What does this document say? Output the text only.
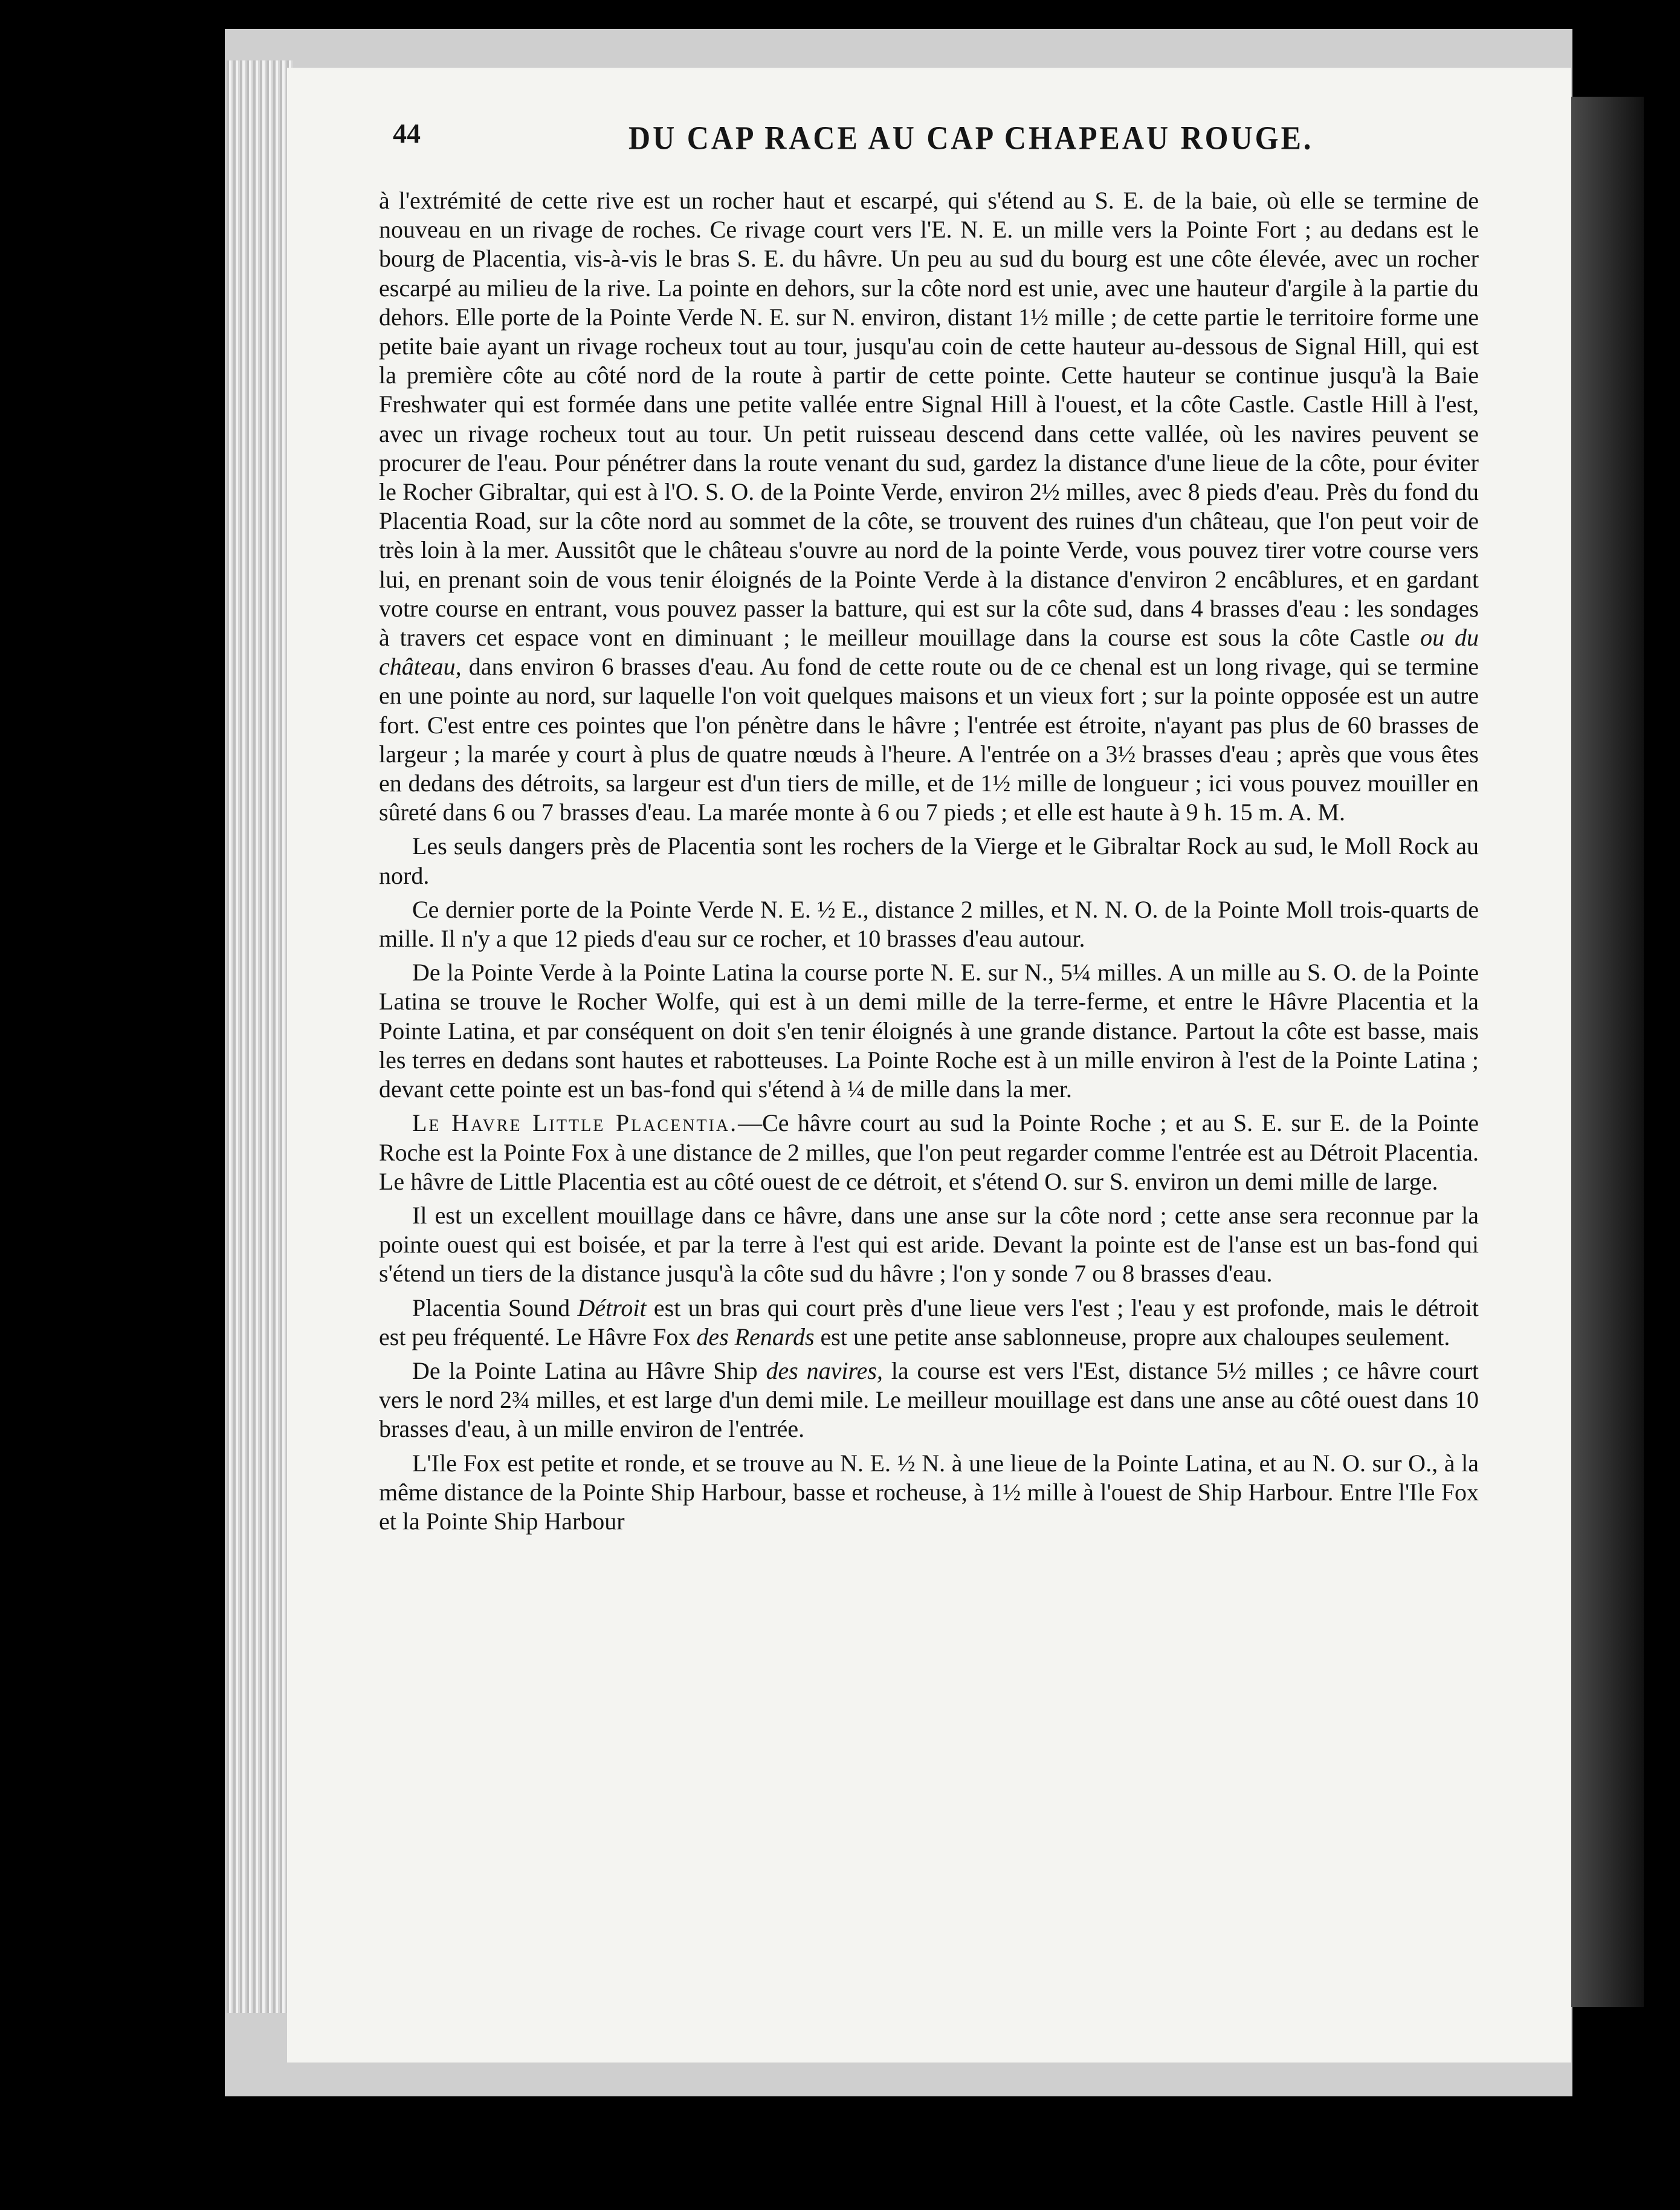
44	DU CAP RACE AU CAP CHAPEAU ROUGE.

à l'extrémité de cette rive est un rocher haut et escarpé, qui s'étend au S. E. de la baie, où elle se termine de nouveau en un rivage de roches. Ce rivage court vers l'E. N. E. un mille vers la Pointe Fort ; au dedans est le bourg de Placentia, vis-à-vis le bras S. E. du hâvre. Un peu au sud du bourg est une côte élevée, avec un rocher escarpé au milieu de la rive. La pointe en dehors, sur la côte nord est unie, avec une hauteur d'argile à la partie du dehors. Elle porte de la Pointe Verde N. E. sur N. environ, distant 1½ mille ; de cette partie le territoire forme une petite baie ayant un rivage rocheux tout au tour, jusqu'au coin de cette hauteur au-dessous de Signal Hill, qui est la première côte au côté nord de la route à partir de cette pointe. Cette hauteur se continue jusqu'à la Baie Freshwater qui est formée dans une petite vallée entre Signal Hill à l'ouest, et la côte Castle. Castle Hill à l'est, avec un rivage rocheux tout au tour. Un petit ruisseau descend dans cette vallée, où les navires peuvent se procurer de l'eau. Pour pénétrer dans la route venant du sud, gardez la distance d'une lieue de la côte, pour éviter le Rocher Gibraltar, qui est à l'O. S. O. de la Pointe Verde, environ 2½ milles, avec 8 pieds d'eau. Près du fond du Placentia Road, sur la côte nord au sommet de la côte, se trouvent des ruines d'un château, que l'on peut voir de très loin à la mer. Aussitôt que le château s'ouvre au nord de la pointe Verde, vous pouvez tirer votre course vers lui, en prenant soin de vous tenir éloignés de la Pointe Verde à la distance d'environ 2 encâblures, et en gardant votre course en entrant, vous pouvez passer la batture, qui est sur la côte sud, dans 4 brasses d'eau : les sondages à travers cet espace vont en diminuant ; le meilleur mouillage dans la course est sous la côte Castle ou du château, dans environ 6 brasses d'eau. Au fond de cette route ou de ce chenal est un long rivage, qui se termine en une pointe au nord, sur laquelle l'on voit quelques maisons et un vieux fort ; sur la pointe opposée est un autre fort. C'est entre ces pointes que l'on pénètre dans le hâvre ; l'entrée est étroite, n'ayant pas plus de 60 brasses de largeur ; la marée y court à plus de quatre nœuds à l'heure. A l'entrée on a 3½ brasses d'eau ; après que vous êtes en dedans des détroits, sa largeur est d'un tiers de mille, et de 1½ mille de longueur ; ici vous pouvez mouiller en sûreté dans 6 ou 7 brasses d'eau. La marée monte à 6 ou 7 pieds ; et elle est haute à 9 h. 15 m. A. M.

Les seuls dangers près de Placentia sont les rochers de la Vierge et le Gibraltar Rock au sud, le Moll Rock au nord.

Ce dernier porte de la Pointe Verde N. E. ½ E., distance 2 milles, et N. N. O. de la Pointe Moll trois-quarts de mille. Il n'y a que 12 pieds d'eau sur ce rocher, et 10 brasses d'eau autour.

De la Pointe Verde à la Pointe Latina la course porte N. E. sur N., 5¼ milles. A un mille au S. O. de la Pointe Latina se trouve le Rocher Wolfe, qui est à un demi mille de la terre-ferme, et entre le Hâvre Placentia et la Pointe Latina, et par conséquent on doit s'en tenir éloignés à une grande distance. Partout la côte est basse, mais les terres en dedans sont hautes et rabotteuses. La Pointe Roche est à un mille environ à l'est de la Pointe Latina ; devant cette pointe est un bas-fond qui s'étend à ¼ de mille dans la mer.

Le Havre Little Placentia.—Ce hâvre court au sud la Pointe Roche ; et au S. E. sur E. de la Pointe Roche est la Pointe Fox à une distance de 2 milles, que l'on peut regarder comme l'entrée est au Détroit Placentia. Le hâvre de Little Placentia est au côté ouest de ce détroit, et s'étend O. sur S. environ un demi mille de large.

Il est un excellent mouillage dans ce hâvre, dans une anse sur la côte nord ; cette anse sera reconnue par la pointe ouest qui est boisée, et par la terre à l'est qui est aride. Devant la pointe est de l'anse est un bas-fond qui s'étend un tiers de la distance jusqu'à la côte sud du hâvre ; l'on y sonde 7 ou 8 brasses d'eau.

Placentia Sound Détroit est un bras qui court près d'une lieue vers l'est ; l'eau y est profonde, mais le détroit est peu fréquenté. Le Hâvre Fox des Renards est une petite anse sablonneuse, propre aux chaloupes seulement.

De la Pointe Latina au Hâvre Ship des navires, la course est vers l'Est, distance 5½ milles ; ce hâvre court vers le nord 2¾ milles, et est large d'un demi mile. Le meilleur mouillage est dans une anse au côté ouest dans 10 brasses d'eau, à un mille environ de l'entrée.

L'Ile Fox est petite et ronde, et se trouve au N. E. ½ N. à une lieue de la Pointe Latina, et au N. O. sur O., à la même distance de la Pointe Ship Harbour, basse et rocheuse, à 1½ mille à l'ouest de Ship Harbour. Entre l'Ile Fox et la Pointe Ship Harbour
